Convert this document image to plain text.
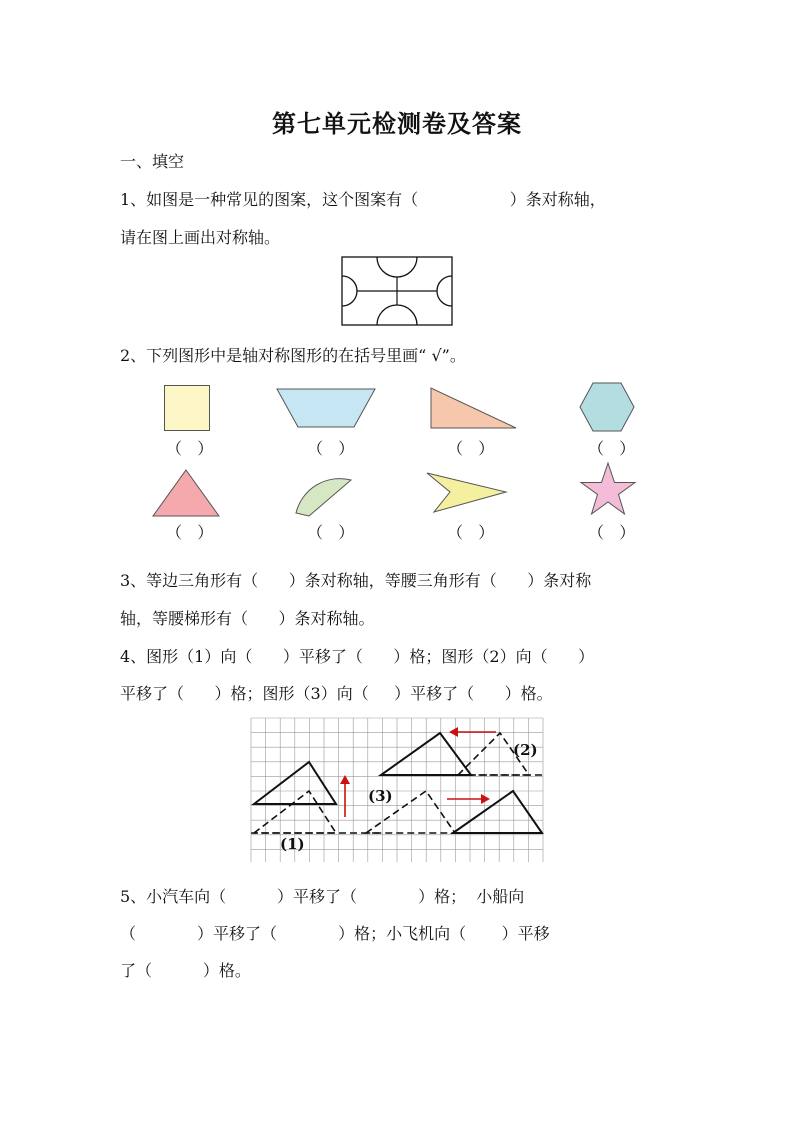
第七单元检测卷及答案
一、填空
1、如图是一种常见的图案，这个图案有（                  ）条对称轴，
请在图上画出对称轴。
2、下列图形中是轴对称图形的在括号里画“ √”。
（   ）	（   ）	（   ）	（   ）
（   ）	（   ）	（   ）	（   ）
3、等边三角形有（      ）条对称轴，等腰三角形有（      ）条对称
轴，等腰梯形有（      ）条对称轴。
4、图形（1）向（      ）平移了（      ）格；图形（2）向（      ）
平移了（      ）格；图形（3）向（     ）平移了（      ）格。
(1)
(2)
(3)
5、小汽车向（          ）平移了（            ）格；  小船向
（            ）平移了（            ）格；小飞机向（       ）平移
了（          ）格。
